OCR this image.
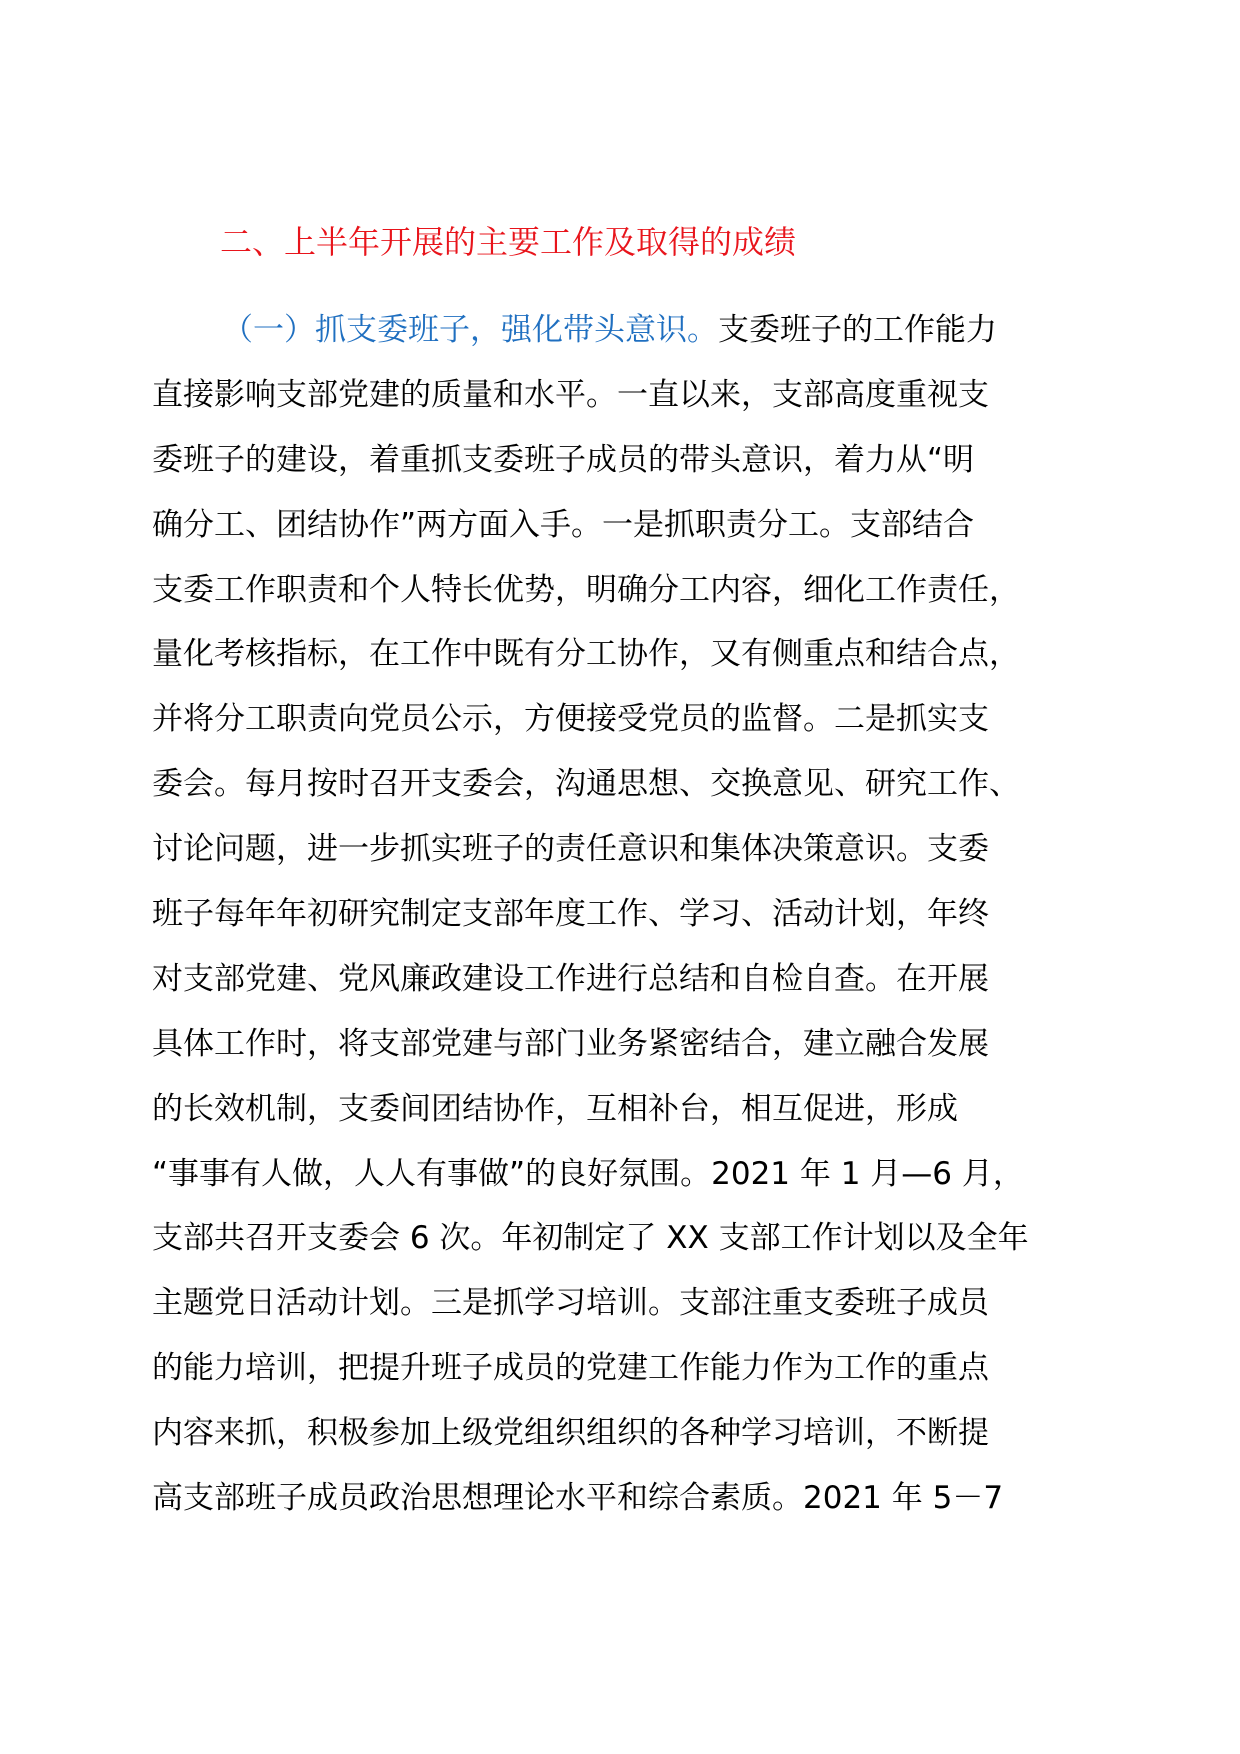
二、上半年开展的主要工作及取得的成绩
（一）抓支委班子，强化带头意识。支委班子的工作能力
直接影响支部党建的质量和水平。一直以来，支部高度重视支
委班子的建设，着重抓支委班子成员的带头意识，着力从“明
确分工、团结协作”两方面入手。一是抓职责分工。支部结合
支委工作职责和个人特长优势，明确分工内容，细化工作责任，
量化考核指标，在工作中既有分工协作，又有侧重点和结合点，
并将分工职责向党员公示，方便接受党员的监督。二是抓实支
委会。每月按时召开支委会，沟通思想、交换意见、研究工作、
讨论问题，进一步抓实班子的责任意识和集体决策意识。支委
班子每年年初研究制定支部年度工作、学习、活动计划，年终
对支部党建、党风廉政建设工作进行总结和自检自查。在开展
具体工作时，将支部党建与部门业务紧密结合，建立融合发展
的长效机制，支委间团结协作，互相补台，相互促进，形成
“事事有人做，人人有事做”的良好氛围。2021 年 1 月—6 月，
支部共召开支委会 6 次。年初制定了 XX 支部工作计划以及全年
主题党日活动计划。三是抓学习培训。支部注重支委班子成员
的能力培训，把提升班子成员的党建工作能力作为工作的重点
内容来抓，积极参加上级党组织组织的各种学习培训，不断提
高支部班子成员政治思想理论水平和综合素质。2021 年 5－7
